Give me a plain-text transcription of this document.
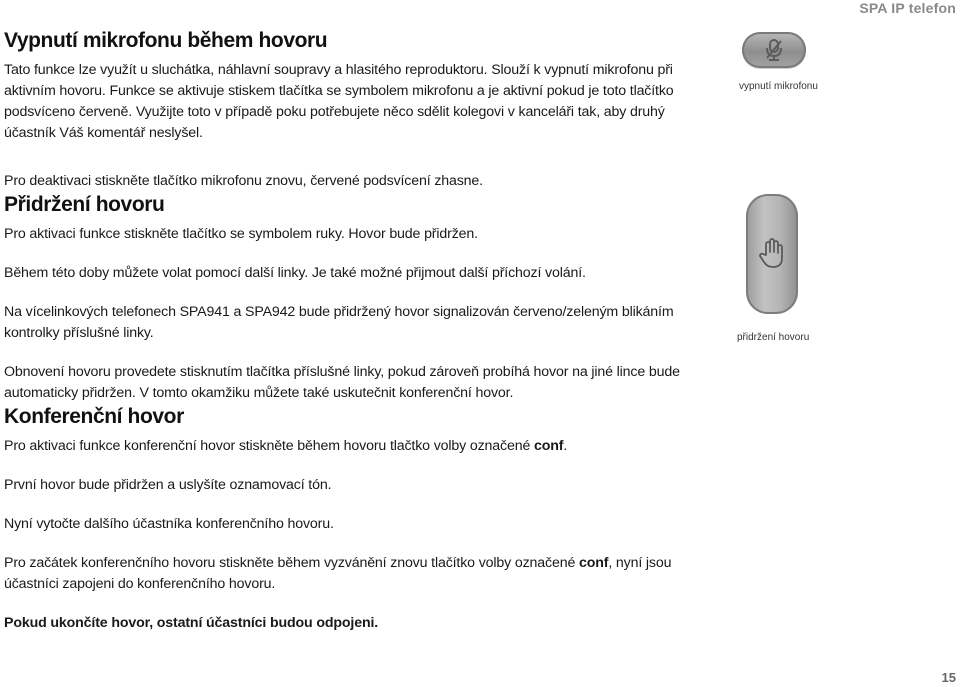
SPA IP telefon
Vypnutí mikrofonu během hovoru

Tato funkce lze využít u sluchátka, náhlavní soupravy a hlasitého reproduktoru. Slouží k vypnutí mikrofonu při aktivním hovoru. Funkce se aktivuje stiskem tlačítka se symbolem mikrofonu a je aktivní pokud je toto tlačítko podsvíceno červeně. Využijte toto v případě poku potřebujete něco sdělit kolegovi v kanceláři tak, aby druhý účastník Váš komentář neslyšel.

Pro deaktivaci stiskněte tlačítko mikrofonu znovu, červené podsvícení zhasne.

Přidržení hovoru

Pro aktivaci funkce stiskněte tlačítko se symbolem ruky. Hovor bude přidržen.

Během této doby můžete volat pomocí další linky. Je také možné přijmout další příchozí volání.

Na vícelinkových telefonech SPA941 a SPA942 bude přidržený hovor signalizován červeno/zeleným blikáním kontrolky příslušné linky.

Obnovení hovoru provedete stisknutím tlačítka příslušné linky, pokud zároveň probíhá hovor na jiné lince bude automaticky přidržen. V tomto okamžiku můžete také uskutečnit konferenční hovor.

Konferenční hovor

Pro aktivaci funkce konferenční hovor stiskněte během hovoru tlačtko volby označené conf.

První hovor bude přidržen a uslyšíte oznamovací tón.

Nyní vytočte dalšího účastníka konferenčního hovoru.

Pro začátek konferenčního hovoru stiskněte během vyzvánění znovu tlačítko volby označené conf, nyní jsou účastníci zapojeni do konferenčního hovoru.

Pokud ukončíte hovor, ostatní účastníci budou odpojeni.

vypnutí mikrofonu
přidržení hovoru
15
